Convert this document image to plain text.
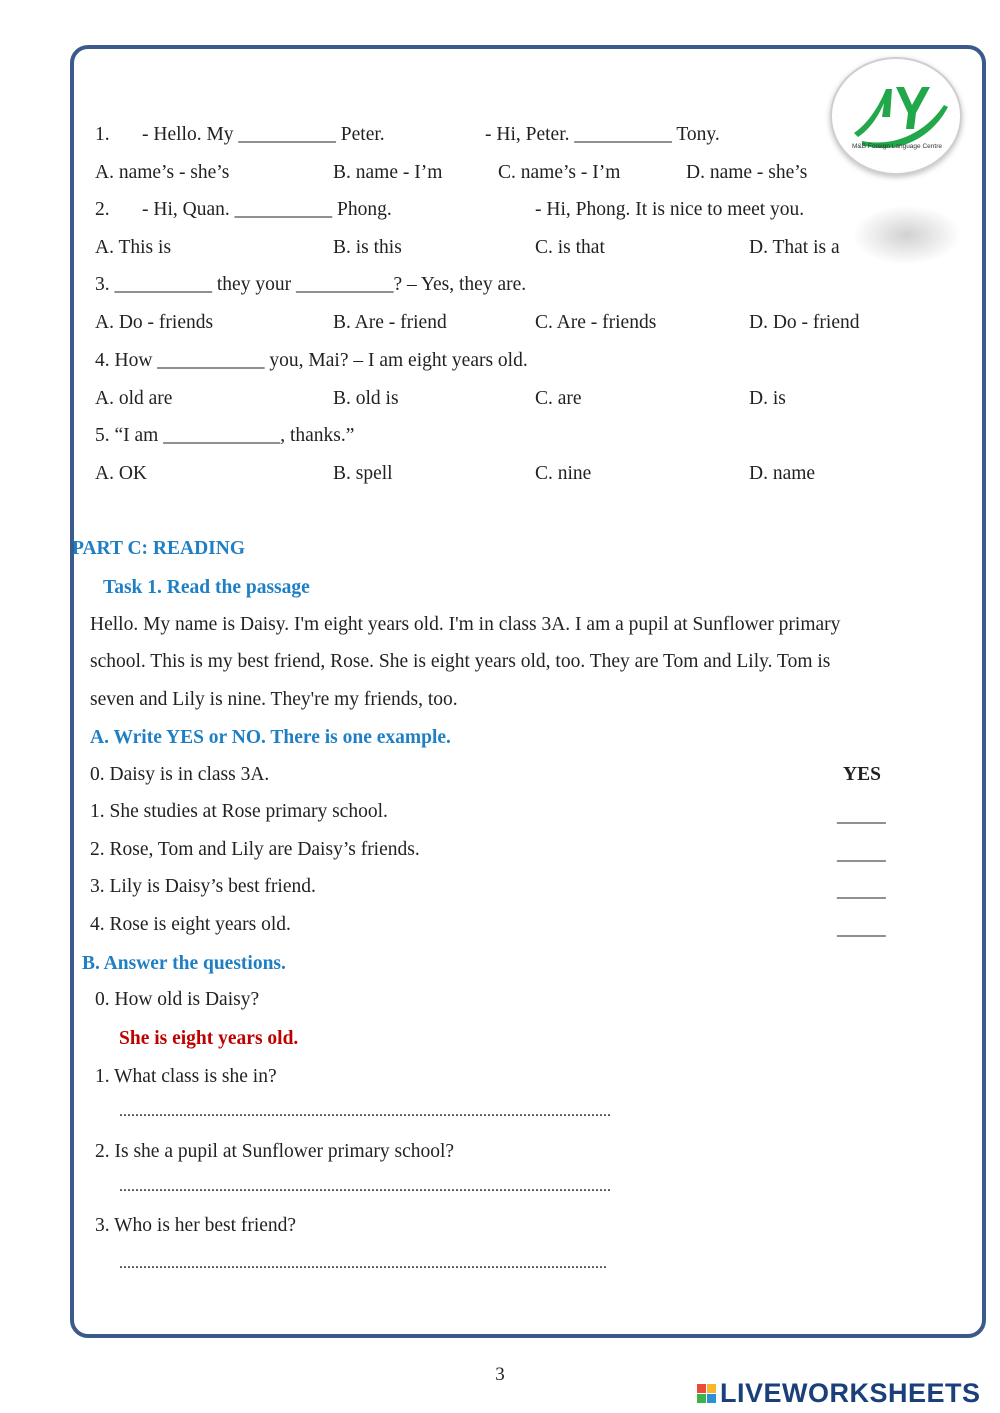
M&B Foreign Language Centre
1. - Hello. My __________ Peter.	- Hi, Peter. __________ Tony.
A. name’s - she’s	B. name - I’m	C. name’s - I’m	D. name - she’s
2. - Hi, Quan. __________ Phong.	- Hi, Phong. It is nice to meet you.
A. This is	B. is this	C. is that	D. That is a
3. __________ they your __________? – Yes, they are.
A. Do - friends	B. Are - friend	C. Are - friends	D. Do - friend
4. How ___________ you, Mai? – I am eight years old.
A. old are	B. old is	C. are	D. is
5. “I am ____________, thanks.”
A. OK	B. spell	C. nine	D. name
PART C: READING
Task 1. Read the passage
Hello. My name is Daisy. I'm eight years old. I'm in class 3A. I am a pupil at Sunflower primary
school. This is my best friend, Rose. She is eight years old, too. They are Tom and Lily. Tom is
seven and Lily is nine. They're my friends, too.
A. Write YES or NO. There is one example.
0. Daisy is in class 3A.	YES
1. She studies at Rose primary school.	_____
2. Rose, Tom and Lily are Daisy’s friends.	_____
3. Lily is Daisy’s best friend.	_____
4. Rose is eight years old.	_____
B. Answer the questions.
0. How old is Daisy?
She is eight years old.
1. What class is she in?
...........................................................................................................................
2. Is she a pupil at Sunflower primary school?
...........................................................................................................................
3. Who is her best friend?
..........................................................................................................................
3
LIVEWORKSHEETS
